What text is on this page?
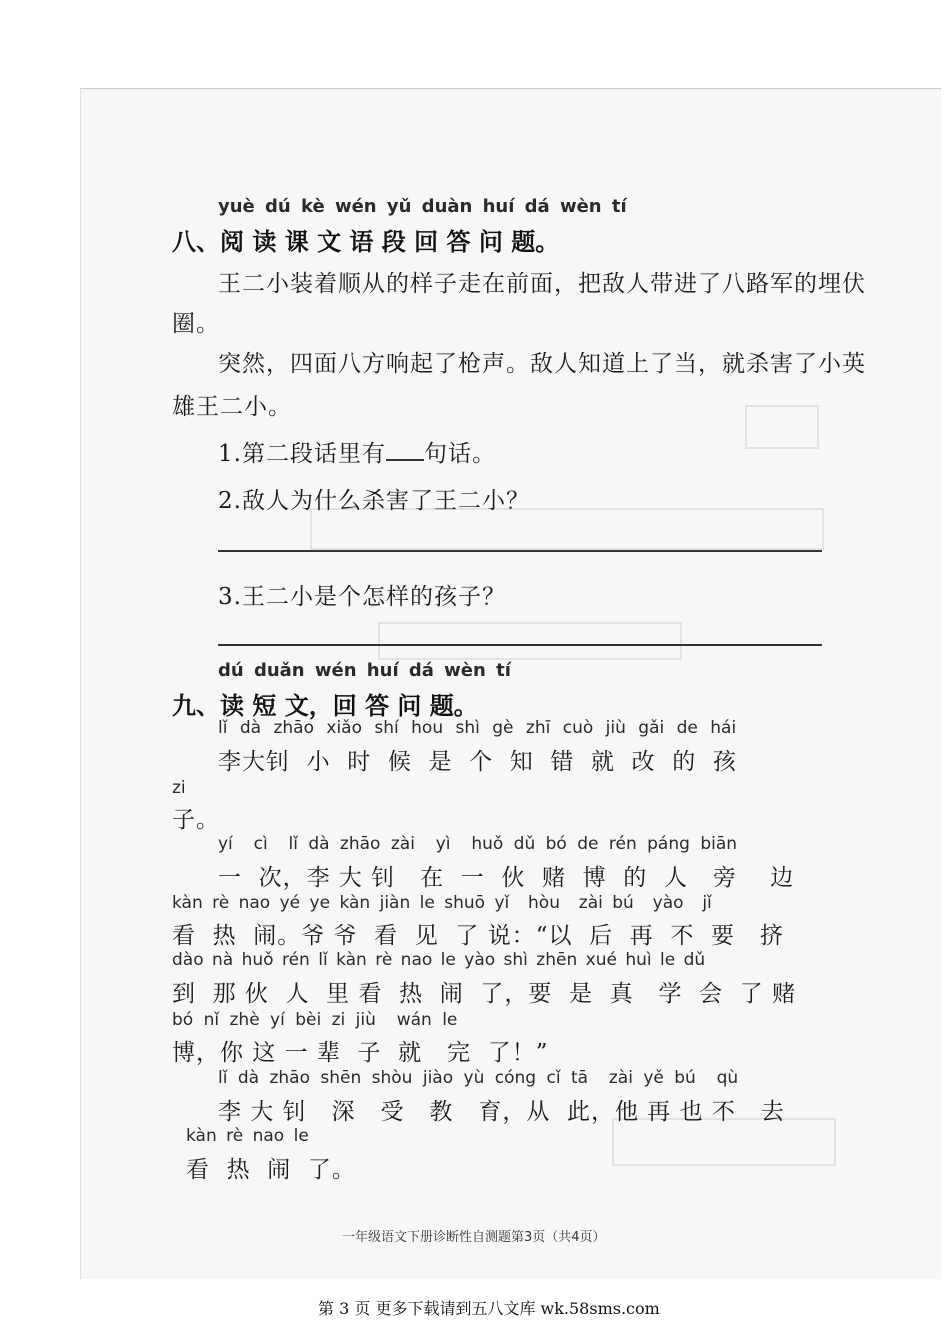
yuè dú kè wén yǔ duàn huí dá wèn tí
八、阅 读 课 文 语 段 回 答 问 题。
王二小装着顺从的样子走在前面，把敌人带进了八路军的埋伏
圈。
突然，四面八方响起了枪声。敌人知道上了当，就杀害了小英
雄王二小。
1.第二段话里有 句话。
2.敌人为什么杀害了王二小？
3.王二小是个怎样的孩子？
dú duǎn wén huí dá wèn tí
九、读 短 文，回 答 问 题。
lǐ dà zhāo xiǎo shí hou shì gè zhī cuò jiù gǎi de hái
李大钊  小  时  候  是  个  知  错  就  改  的  孩
zi
子。
yí  cì  lǐ dà zhāo zài  yì  huǒ dǔ bó de rén páng biān
一  次，李 大 钊   在  一  伙  赌  博  的  人   旁    边
kàn rè nao yé ye kàn jiàn le shuō yǐ  hòu  zài bú  yào  jǐ
看  热  闹。爷 爷  看  见  了 说：“以  后  再  不  要   挤
dào nà huǒ rén lǐ kàn rè nao le yào shì zhēn xué huì le dǔ
到  那 伙  人  里 看  热  闹  了，要  是  真   学  会  了 赌
bó nǐ zhè yí bèi zi jiù  wán le
博，你 这 一 辈  子  就   完  了！”
lǐ dà zhāo shēn shòu jiào yù cóng cǐ tā  zài yě bú  qù
李 大 钊   深   受   教   育，从  此，他 再 也 不   去
kàn rè nao le
看  热  闹  了。
一年级语文下册诊断性自测题第3页（共4页）
第 3 页 更多下载请到五八文库 wk.58sms.com
